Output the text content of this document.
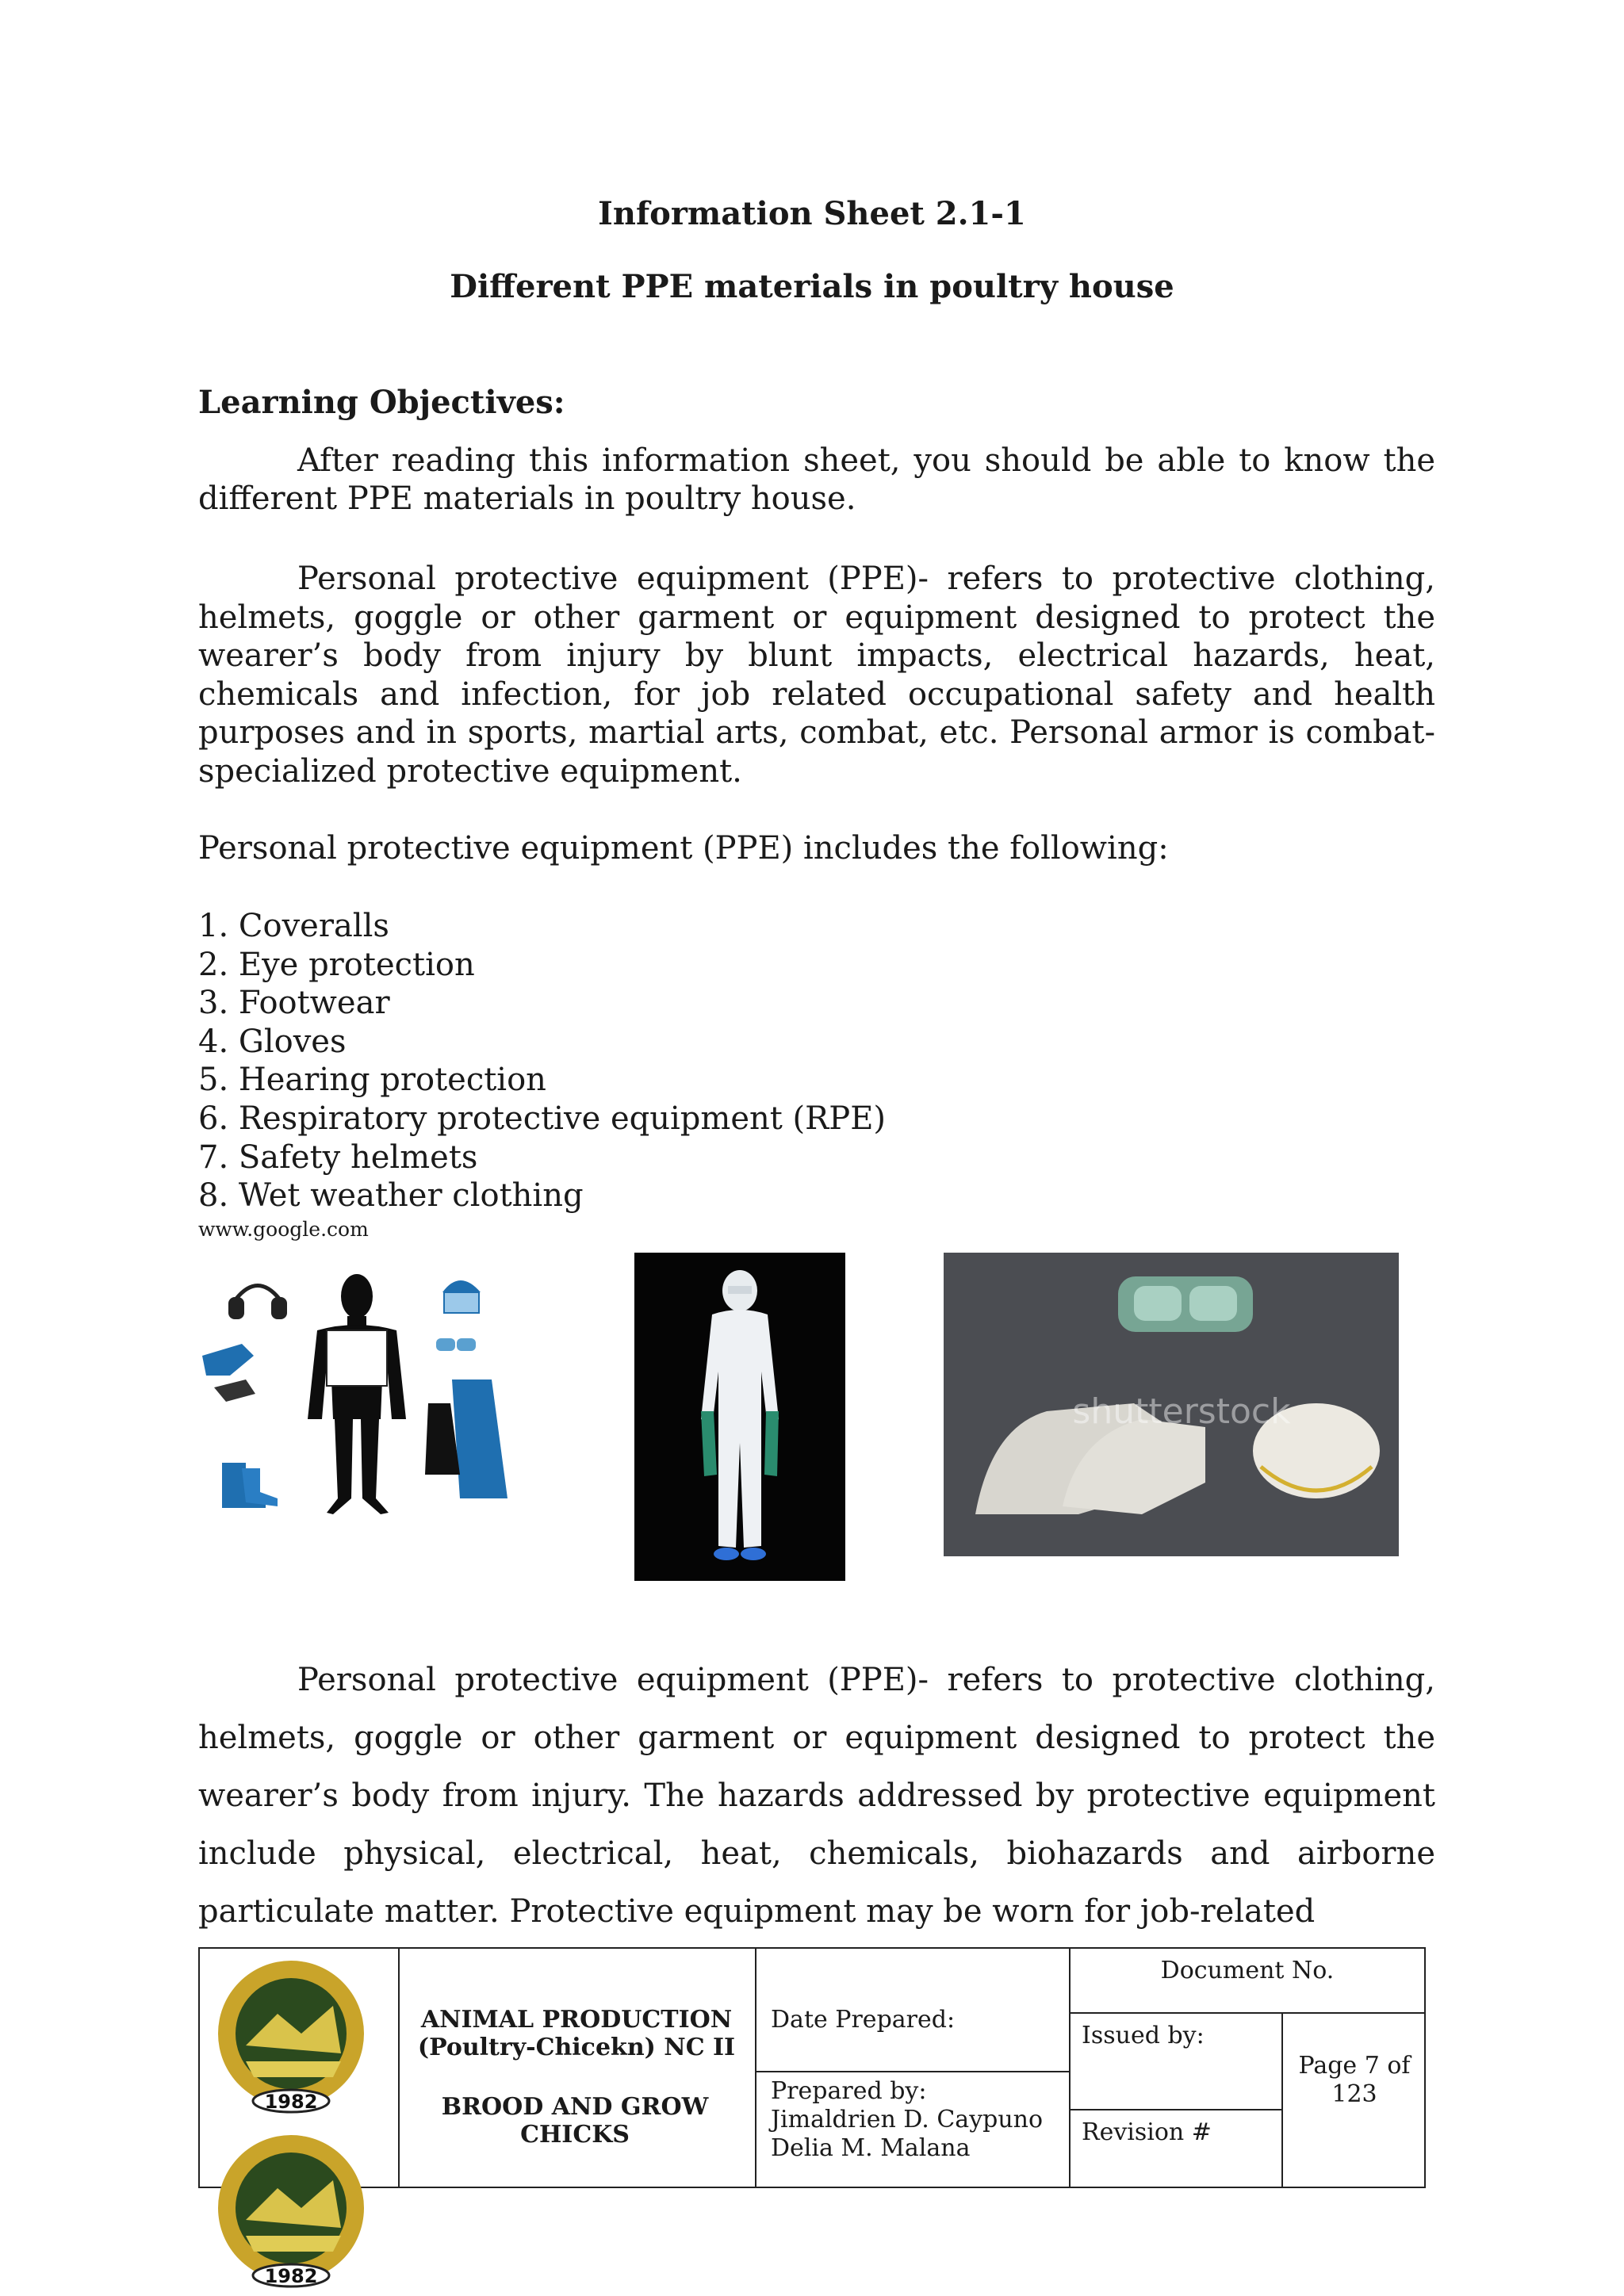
Information Sheet 2.1-1
Different PPE materials in poultry house
Learning Objectives:
After reading this information sheet, you should be able to know the different PPE materials in poultry house.
Personal protective equipment (PPE)- refers to protective clothing, helmets, goggle or other garment or equipment designed to protect the wearer’s body from injury by blunt impacts, electrical hazards, heat, chemicals and infection, for job related occupational safety and health purposes and in sports, martial arts, combat, etc. Personal armor is combat-specialized protective equipment.
Personal protective equipment (PPE) includes the following:
1. Coveralls
2. Eye protection
3. Footwear
4. Gloves
5. Hearing protection
6. Respiratory protective equipment (RPE)
7. Safety helmets
8. Wet weather clothing
www.google.com
shutterstock
Personal protective equipment (PPE)- refers to protective clothing, helmets, goggle or other garment or equipment designed to protect the wearer’s body from injury. The hazards addressed by protective equipment include physical, electrical, heat, chemicals, biohazards and airborne particulate matter. Protective equipment may be worn for job-related
ANIMAL PRODUCTION (Poultry-Chicekn) NC II
BROOD AND GROW CHICKS
Date Prepared:
Prepared by:
Jimaldrien D. Caypuno
Delia M. Malana
Document No.
Issued by:
Revision #
Page 7 of 123
1982
1982
